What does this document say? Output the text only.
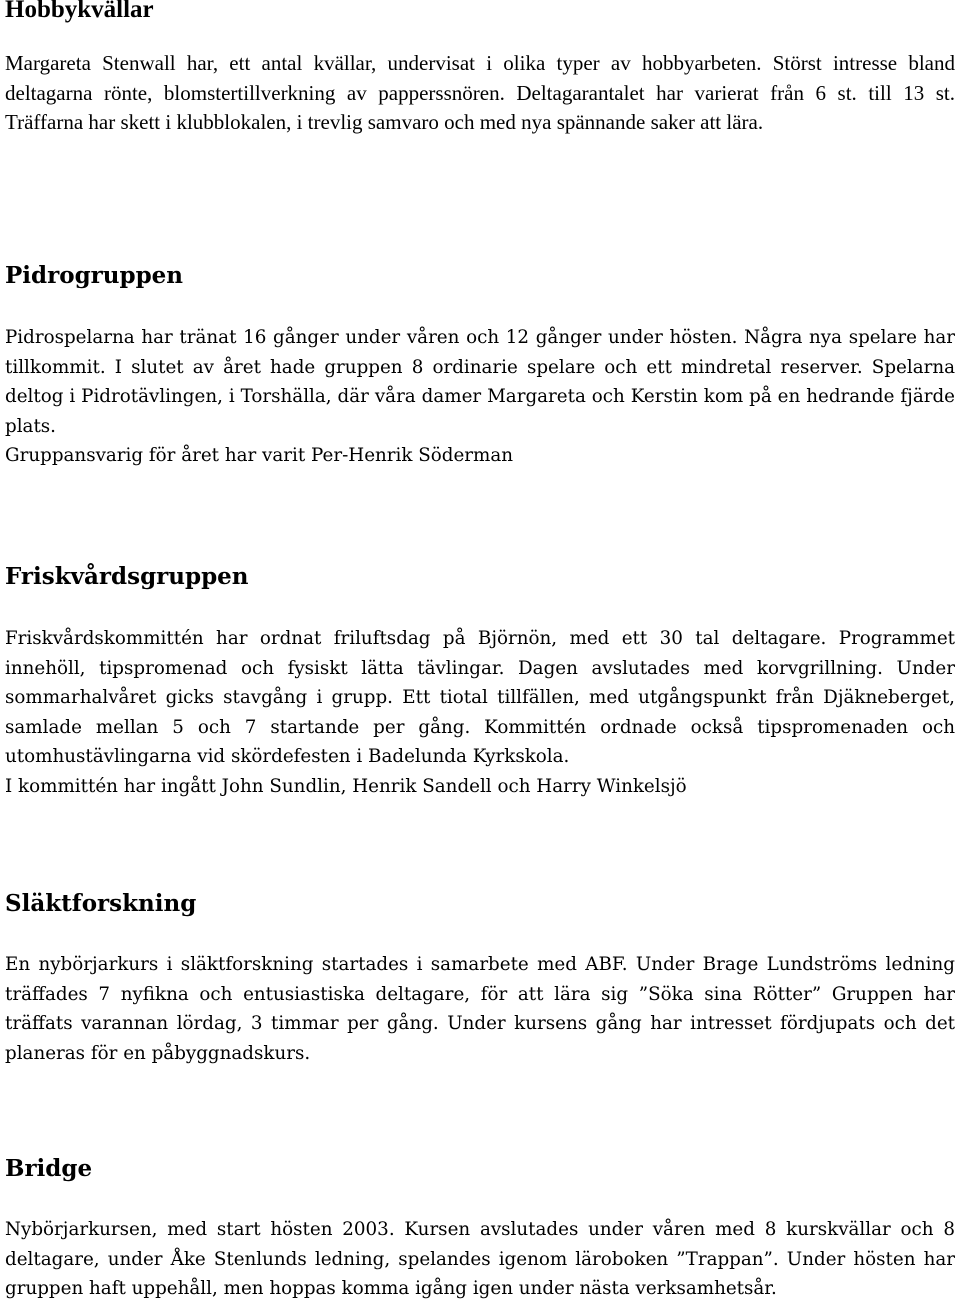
Hobbykvällar

Margareta Stenwall har, ett antal kvällar, undervisat i olika typer av hobbyarbeten. Störst intresse bland deltagarna rönte, blomstertillverkning av papperssnören. Deltagarantalet har varierat från 6 st. till 13 st. Träffarna har skett i klubblokalen, i trevlig samvaro och med nya spännande saker att lära.

Pidrogruppen

Pidrospelarna har tränat 16 gånger under våren och 12 gånger under hösten. Några nya spelare har tillkommit. I slutet av året hade gruppen 8 ordinarie spelare och ett mindretal reserver. Spelarna deltog i Pidrotävlingen, i Torshälla, där våra damer Margareta och Kerstin kom på en hedrande fjärde plats.

Gruppansvarig för året har varit Per-Henrik Söderman

Friskvårdsgruppen

Friskvårdskommittén har ordnat friluftsdag på Björnön, med ett 30 tal deltagare. Programmet innehöll, tipspromenad och fysiskt lätta tävlingar. Dagen avslutades med korvgrillning. Under sommarhalvåret gicks stavgång i grupp. Ett tiotal tillfällen, med utgångspunkt från Djäkneberget, samlade mellan 5 och 7 startande per gång. Kommittén ordnade också tipspromenaden och utomhustävlingarna vid skördefesten i Badelunda Kyrkskola.

I kommittén har ingått John Sundlin, Henrik Sandell och Harry Winkelsjö

Släktforskning

En nybörjarkurs i släktforskning startades i samarbete med ABF. Under Brage Lundströms ledning träffades 7 nyfikna och entusiastiska deltagare, för att lära sig ”Söka sina Rötter” Gruppen har träffats varannan lördag, 3 timmar per gång. Under kursens gång har intresset fördjupats och det planeras för en påbyggnadskurs.

Bridge

Nybörjarkursen, med start hösten 2003. Kursen avslutades under våren med 8 kurskvällar och 8 deltagare, under Åke Stenlunds ledning, spelandes igenom läroboken ”Trappan”. Under hösten har gruppen haft uppehåll, men hoppas komma igång igen under nästa verksamhetsår.
